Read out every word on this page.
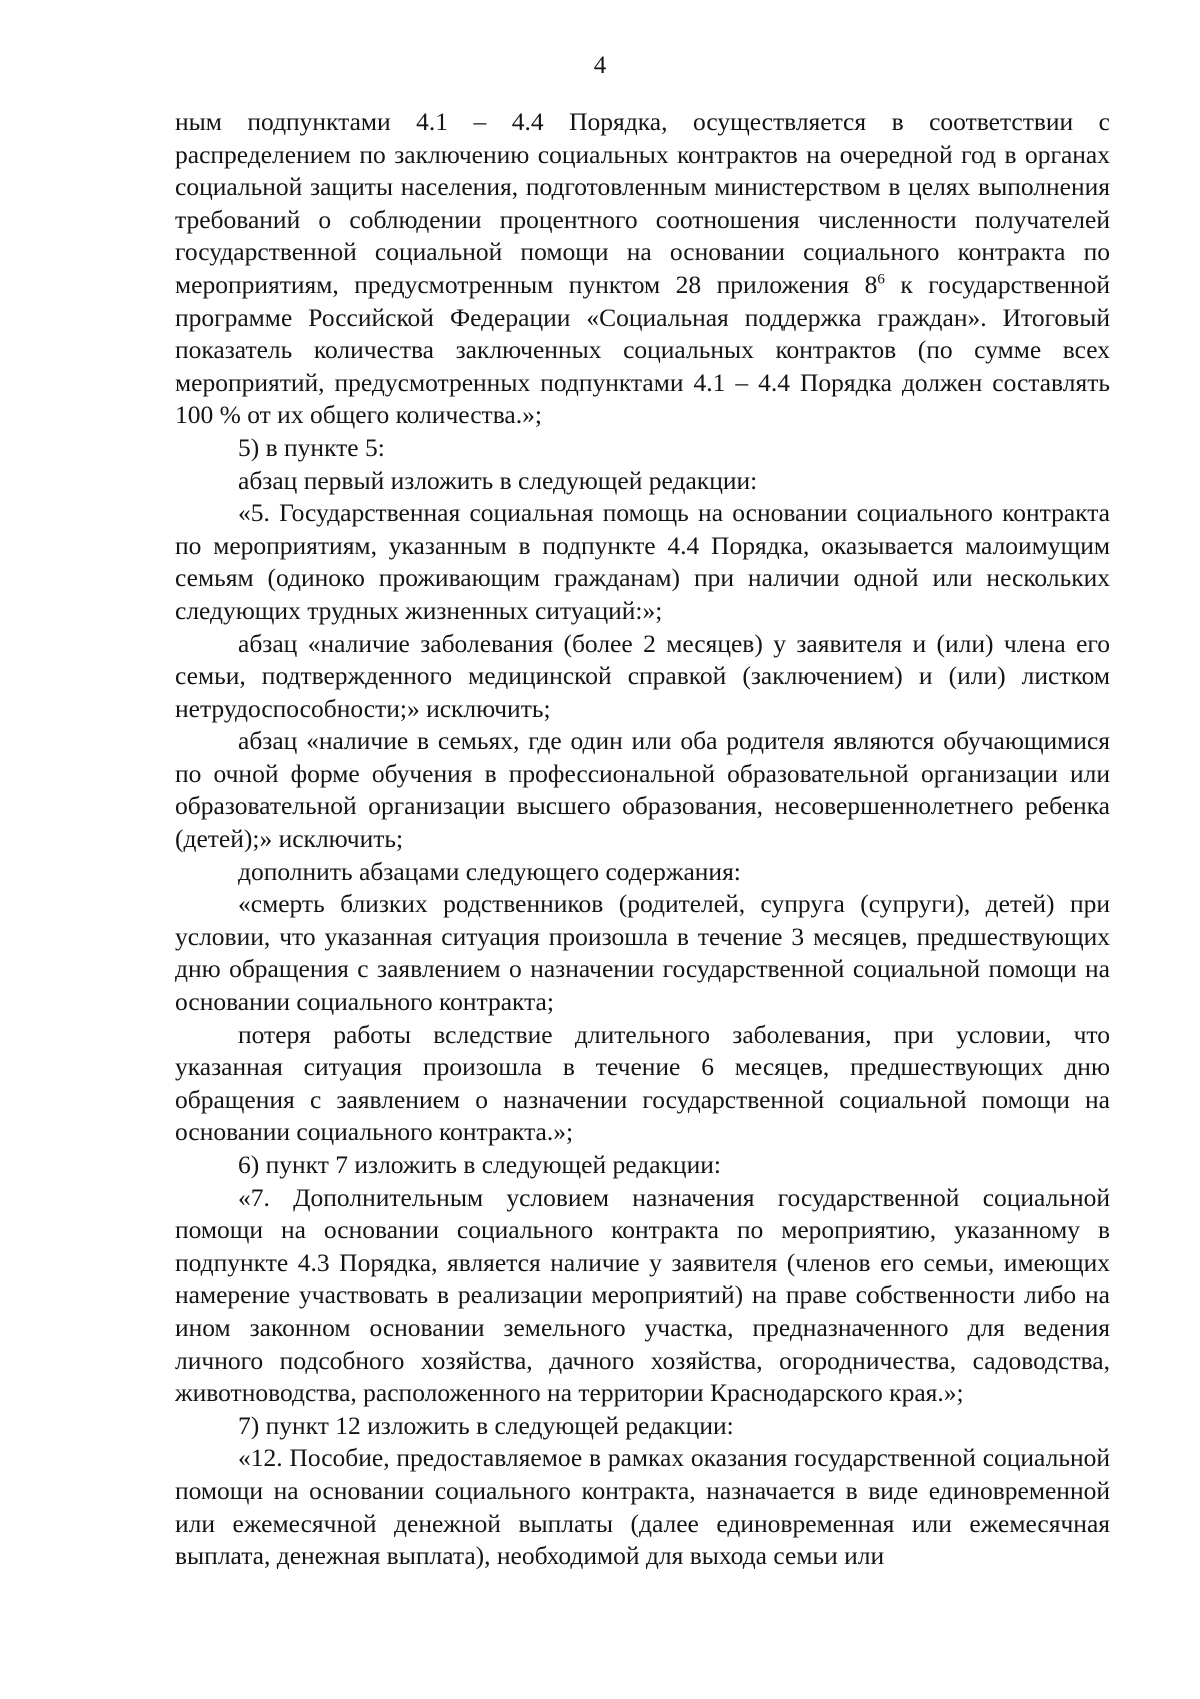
4

ным подпунктами 4.1 – 4.4 Порядка, осуществляется в соответствии с распределением по заключению социальных контрактов на очередной год в органах социальной защиты населения, подготовленным министерством в целях выполнения требований о соблюдении процентного соотношения численности получателей государственной социальной помощи на основании социального контракта по мероприятиям, предусмотренным пунктом 28 приложения $8^6$ к государственной программе Российской Федерации «Социальная поддержка граждан». Итоговый показатель количества заключенных социальных контрактов (по сумме всех мероприятий, предусмотренных подпунктами 4.1 – 4.4 Порядка должен составлять 100 % от их общего количества.»;

5) в пункте 5:

абзац первый изложить в следующей редакции:

«5. Государственная социальная помощь на основании социального контракта по мероприятиям, указанным в подпункте 4.4 Порядка, оказывается малоимущим семьям (одиноко проживающим гражданам) при наличии одной или нескольких следующих трудных жизненных ситуаций:»;

абзац «наличие заболевания (более 2 месяцев) у заявителя и (или) члена его семьи, подтвержденного медицинской справкой (заключением) и (или) листком нетрудоспособности;» исключить;

абзац «наличие в семьях, где один или оба родителя являются обучающимися по очной форме обучения в профессиональной образовательной организации или образовательной организации высшего образования, несовершеннолетнего ребенка (детей);» исключить;

дополнить абзацами следующего содержания:

«смерть близких родственников (родителей, супруга (супруги), детей) при условии, что указанная ситуация произошла в течение 3 месяцев, предшествующих дню обращения с заявлением о назначении государственной социальной помощи на основании социального контракта;

потеря работы вследствие длительного заболевания, при условии, что указанная ситуация произошла в течение 6 месяцев, предшествующих дню обращения с заявлением о назначении государственной социальной помощи на основании социального контракта.»;

6) пункт 7 изложить в следующей редакции:

«7. Дополнительным условием назначения государственной социальной помощи на основании социального контракта по мероприятию, указанному в подпункте 4.3 Порядка, является наличие у заявителя (членов его семьи, имеющих намерение участвовать в реализации мероприятий) на праве собственности либо на ином законном основании земельного участка, предназначенного для ведения личного подсобного хозяйства, дачного хозяйства, огородничества, садоводства, животноводства, расположенного на территории Краснодарского края.»;

7) пункт 12 изложить в следующей редакции:

«12. Пособие, предоставляемое в рамках оказания государственной социальной помощи на основании социального контракта, назначается в виде единовременной или ежемесячной денежной выплаты (далее единовременная или ежемесячная выплата, денежная выплата), необходимой для выхода семьи или
